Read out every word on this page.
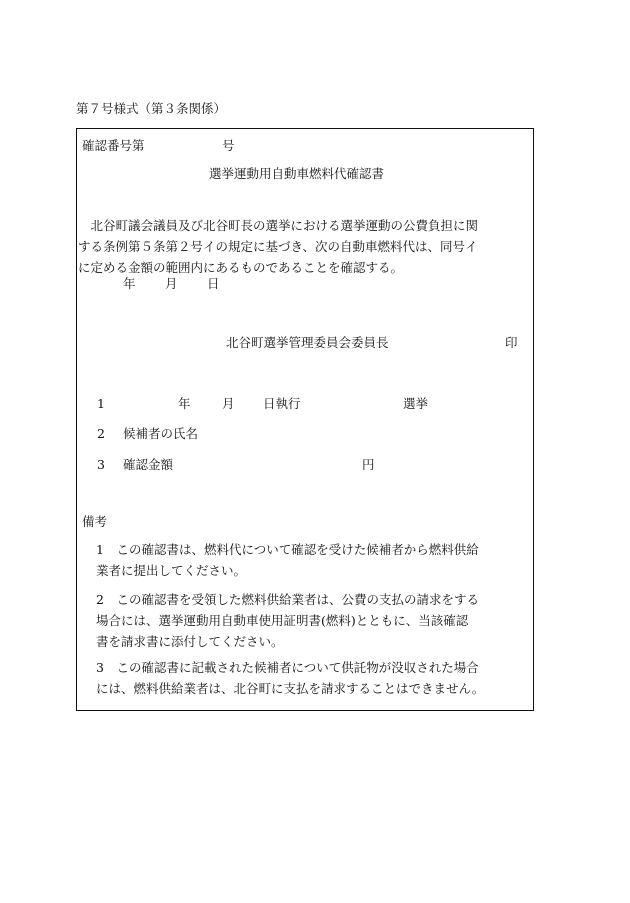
第７号様式（第３条関係）
確認番号第	号
選挙運動用自動車燃料代確認書
　北谷町議会議員及び北谷町長の選挙における選挙運動の公費負担に関
する条例第５条第２号イの規定に基づき、次の自動車燃料代は、同号イ
に定める金額の範囲内にあるものであることを確認する。
年 月 日
北谷町選挙管理委員会委員長	印
1	年	月 日執行	選挙
2 候補者の氏名
3 確認金額	円
備考
1　 この確認書は、燃料代について確認を受けた候補者から燃料供給
業者に提出してください。
2　 この確認書を受領した燃料供給業者は、公費の支払の請求をする
場合には、選挙運動用自動車使用証明書(燃料)とともに、当該確認
書を請求書に添付してください。
3　 この確認書に記載された候補者について供託物が没収された場合
には、燃料供給業者は、北谷町に支払を請求することはできません。
